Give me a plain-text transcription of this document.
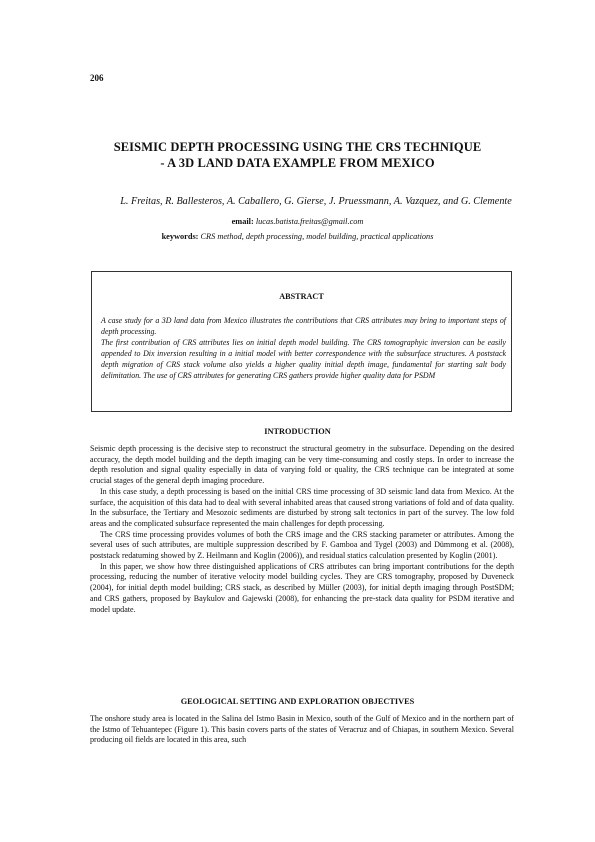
206
SEISMIC DEPTH PROCESSING USING THE CRS TECHNIQUE
- A 3D LAND DATA EXAMPLE FROM MEXICO
L. Freitas, R. Ballesteros, A. Caballero, G. Gierse, J. Pruessmann, A. Vazquez, and G. Clemente
email: lucas.batista.freitas@gmail.com
keywords: CRS method, depth processing, model building, practical applications
ABSTRACT

A case study for a 3D land data from Mexico illustrates the contributions that CRS attributes may bring to important steps of depth processing.

The first contribution of CRS attributes lies on initial depth model building. The CRS tomographyic inversion can be easily appended to Dix inversion resulting in a initial model with better correspondence with the subsurface structures. A poststack depth migration of CRS stack volume also yields a higher quality initial depth image, fundamental for starting salt body delimitation. The use of CRS attributes for generating CRS gathers provide higher quality data for PSDM

INTRODUCTION

Seismic depth processing is the decisive step to reconstruct the structural geometry in the subsurface. Depending on the desired accuracy, the depth model building and the depth imaging can be very time-consuming and costly steps. In order to increase the depth resolution and signal quality especially in data of varying fold or quality, the CRS technique can be integrated at some crucial stages of the general depth imaging procedure.

In this case study, a depth processing is based on the initial CRS time processing of 3D seismic land data from Mexico. At the surface, the acquisition of this data had to deal with several inhabited areas that caused strong variations of fold and of data quality. In the subsurface, the Tertiary and Mesozoic sediments are disturbed by strong salt tectonics in part of the survey. The low fold areas and the complicated subsurface represented the main challenges for depth processing.

The CRS time processing provides volumes of both the CRS image and the CRS stacking parameter or attributes. Among the several uses of such attributes, are multiple suppression described by F. Gamboa and Tygel (2003) and Dümmong et al. (2008), poststack redatuming showed by Z. Heilmann and Koglin (2006)), and residual statics calculation presented by Koglin (2001).

In this paper, we show how three distinguished applications of CRS attributes can bring important contributions for the depth processing, reducing the number of iterative velocity model building cycles. They are CRS tomography, proposed by Duveneck (2004), for initial depth model building; CRS stack, as described by Müller (2003), for initial depth imaging through PostSDM; and CRS gathers, proposed by Baykulov and Gajewski (2008), for enhancing the pre-stack data quality for PSDM iterative and model update.

GEOLOGICAL SETTING AND EXPLORATION OBJECTIVES

The onshore study area is located in the Salina del Istmo Basin in Mexico, south of the Gulf of Mexico and in the northern part of the Istmo of Tehuantepec (Figure 1). This basin covers parts of the states of Veracruz and of Chiapas, in southern Mexico. Several producing oil fields are located in this area, such
